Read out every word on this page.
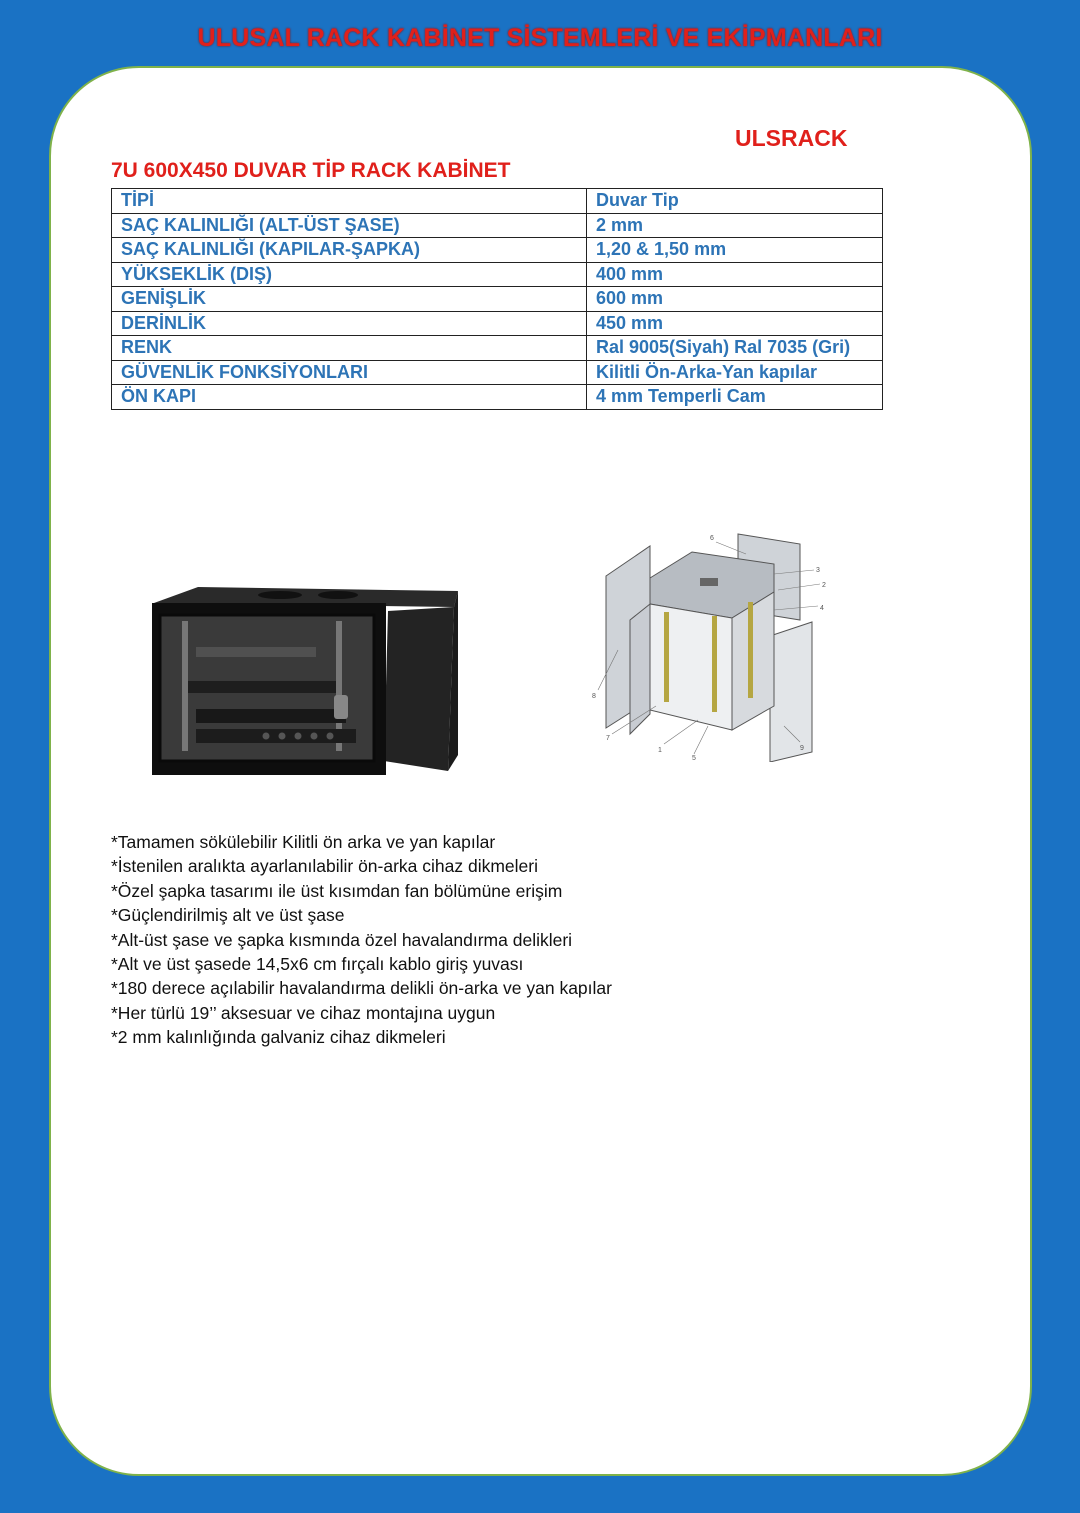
ULUSAL RACK KABİNET SİSTEMLERİ VE EKİPMANLARI
ULSRACK
7U 600X450 DUVAR TİP RACK KABİNET
TİPİ	Duvar Tip
SAÇ KALINLIĞI (ALT-ÜST ŞASE)	2 mm
SAÇ KALINLIĞI (KAPILAR-ŞAPKA)	1,20 & 1,50 mm
YÜKSEKLİK (DIŞ)	400 mm
GENİŞLİK	600 mm
DERİNLİK	450 mm
RENK	Ral 9005(Siyah) Ral 7035 (Gri)
GÜVENLİK FONKSİYONLARI	Kilitli Ön-Arka-Yan kapılar
ÖN KAPI	4 mm Temperli Cam
6
3
2
4
8
1
5
7
9
*Tamamen sökülebilir Kilitli ön arka ve yan kapılar
*İstenilen aralıkta ayarlanılabilir ön-arka cihaz dikmeleri
*Özel şapka tasarımı ile üst kısımdan fan bölümüne erişim
*Güçlendirilmiş alt ve üst şase
*Alt-üst şase ve şapka kısmında özel havalandırma delikleri
*Alt ve üst şasede 14,5x6 cm fırçalı kablo giriş yuvası
*180 derece açılabilir havalandırma delikli ön-arka ve yan kapılar
*Her türlü 19’’ aksesuar ve cihaz montajına uygun
*2 mm kalınlığında galvaniz cihaz dikmeleri
